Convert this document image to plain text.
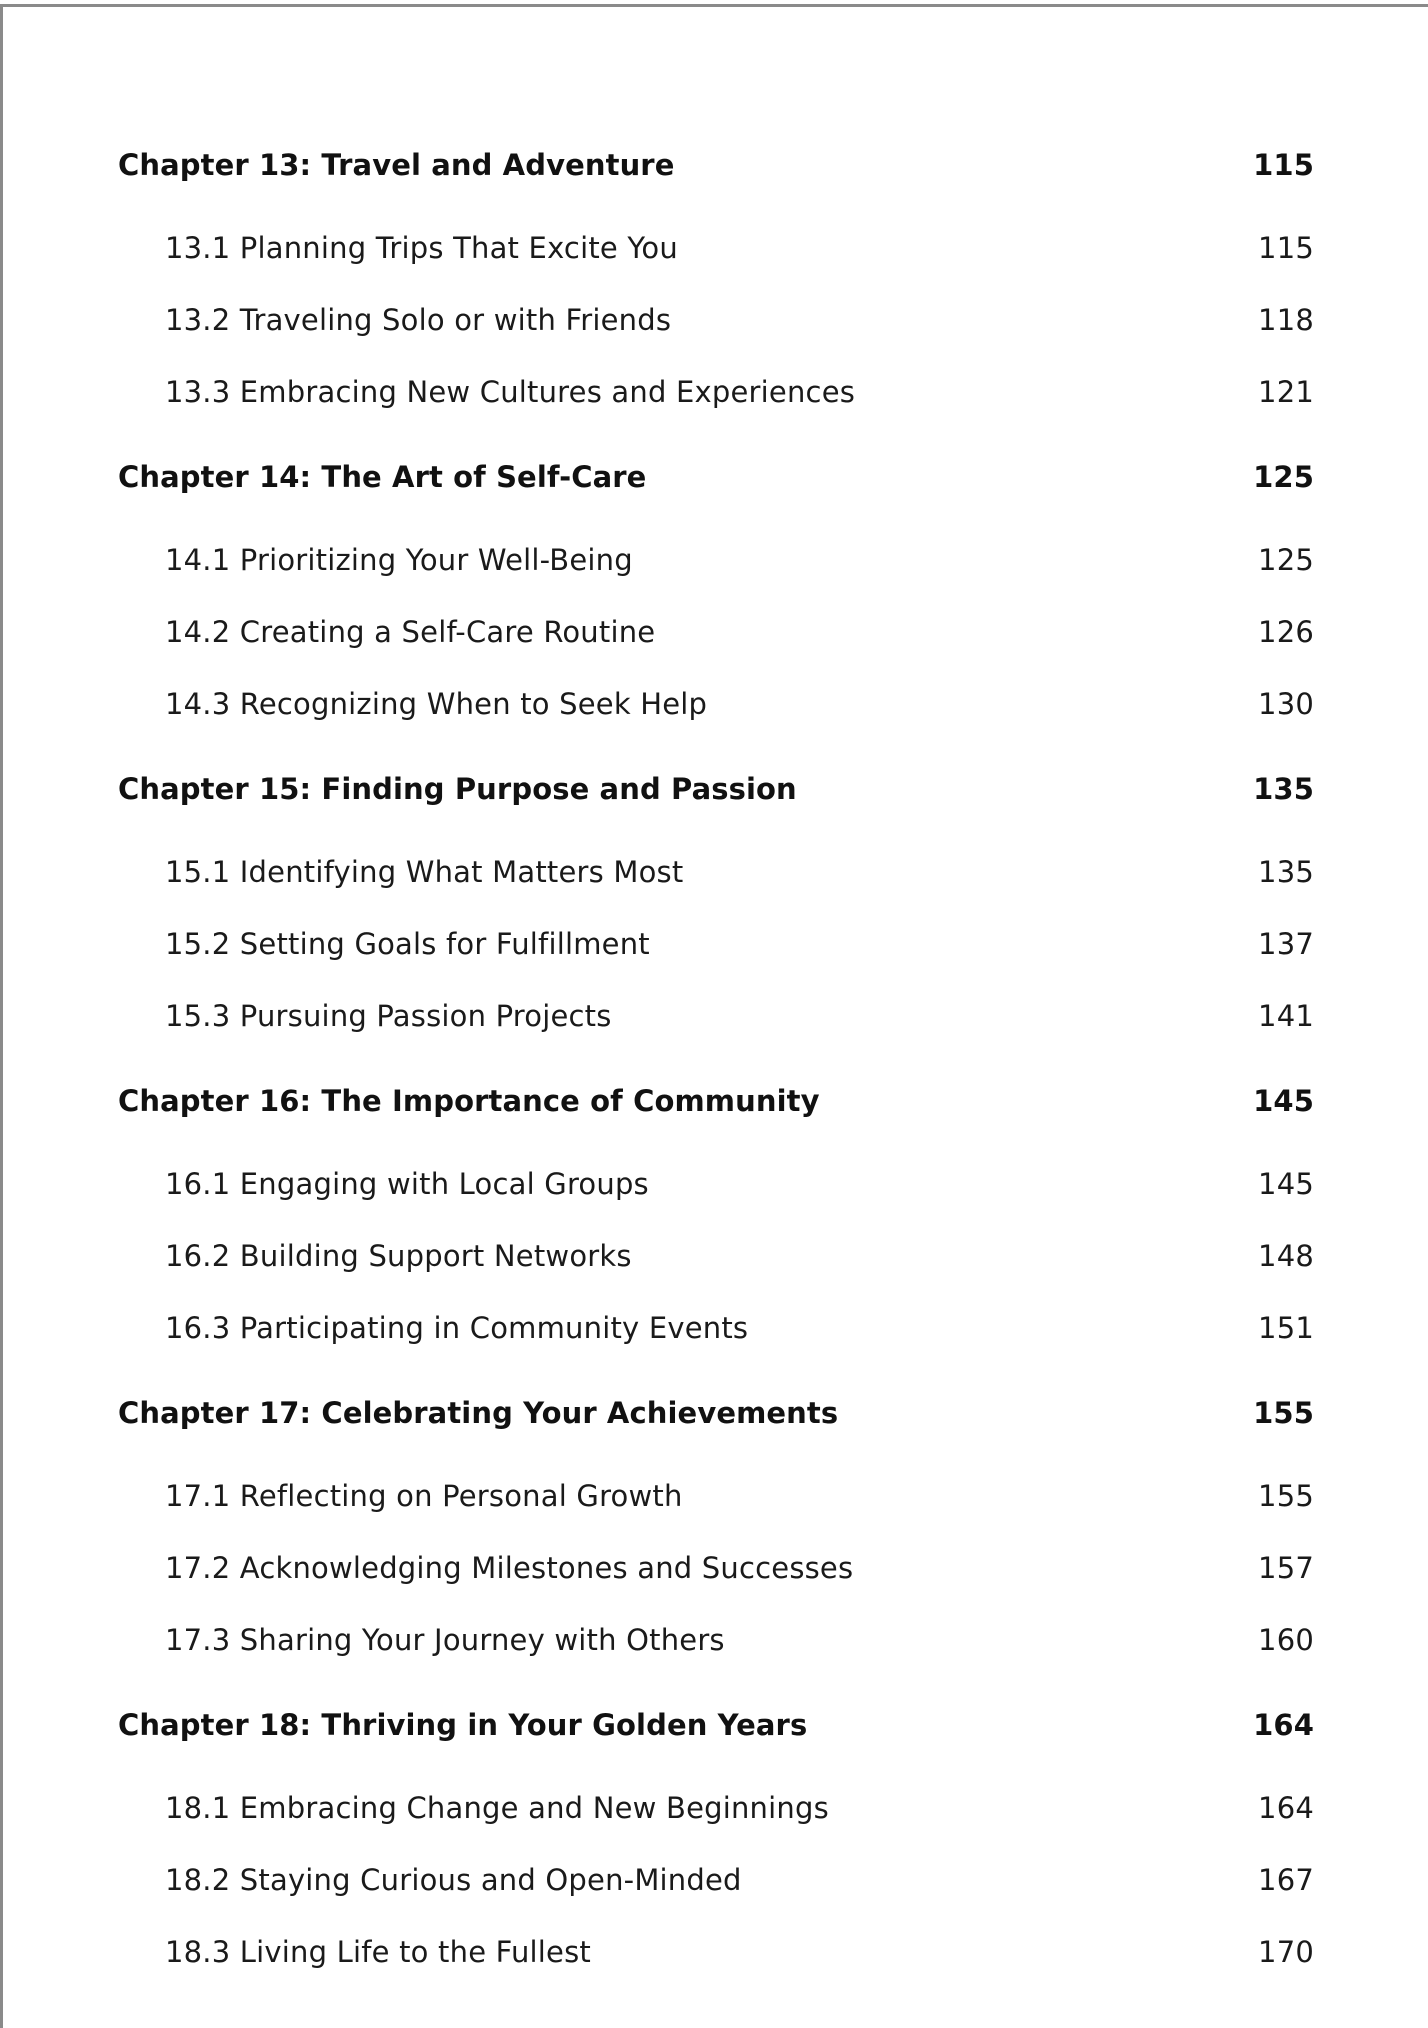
Chapter 13: Travel and Adventure	115
13.1 Planning Trips That Excite You	115
13.2 Traveling Solo or with Friends	118
13.3 Embracing New Cultures and Experiences	121
Chapter 14: The Art of Self-Care	125
14.1 Prioritizing Your Well-Being	125
14.2 Creating a Self-Care Routine	126
14.3 Recognizing When to Seek Help	130
Chapter 15: Finding Purpose and Passion	135
15.1 Identifying What Matters Most	135
15.2 Setting Goals for Fulfillment	137
15.3 Pursuing Passion Projects	141
Chapter 16: The Importance of Community	145
16.1 Engaging with Local Groups	145
16.2 Building Support Networks	148
16.3 Participating in Community Events	151
Chapter 17: Celebrating Your Achievements	155
17.1 Reflecting on Personal Growth	155
17.2 Acknowledging Milestones and Successes	157
17.3 Sharing Your Journey with Others	160
Chapter 18: Thriving in Your Golden Years	164
18.1 Embracing Change and New Beginnings	164
18.2 Staying Curious and Open-Minded	167
18.3 Living Life to the Fullest	170
